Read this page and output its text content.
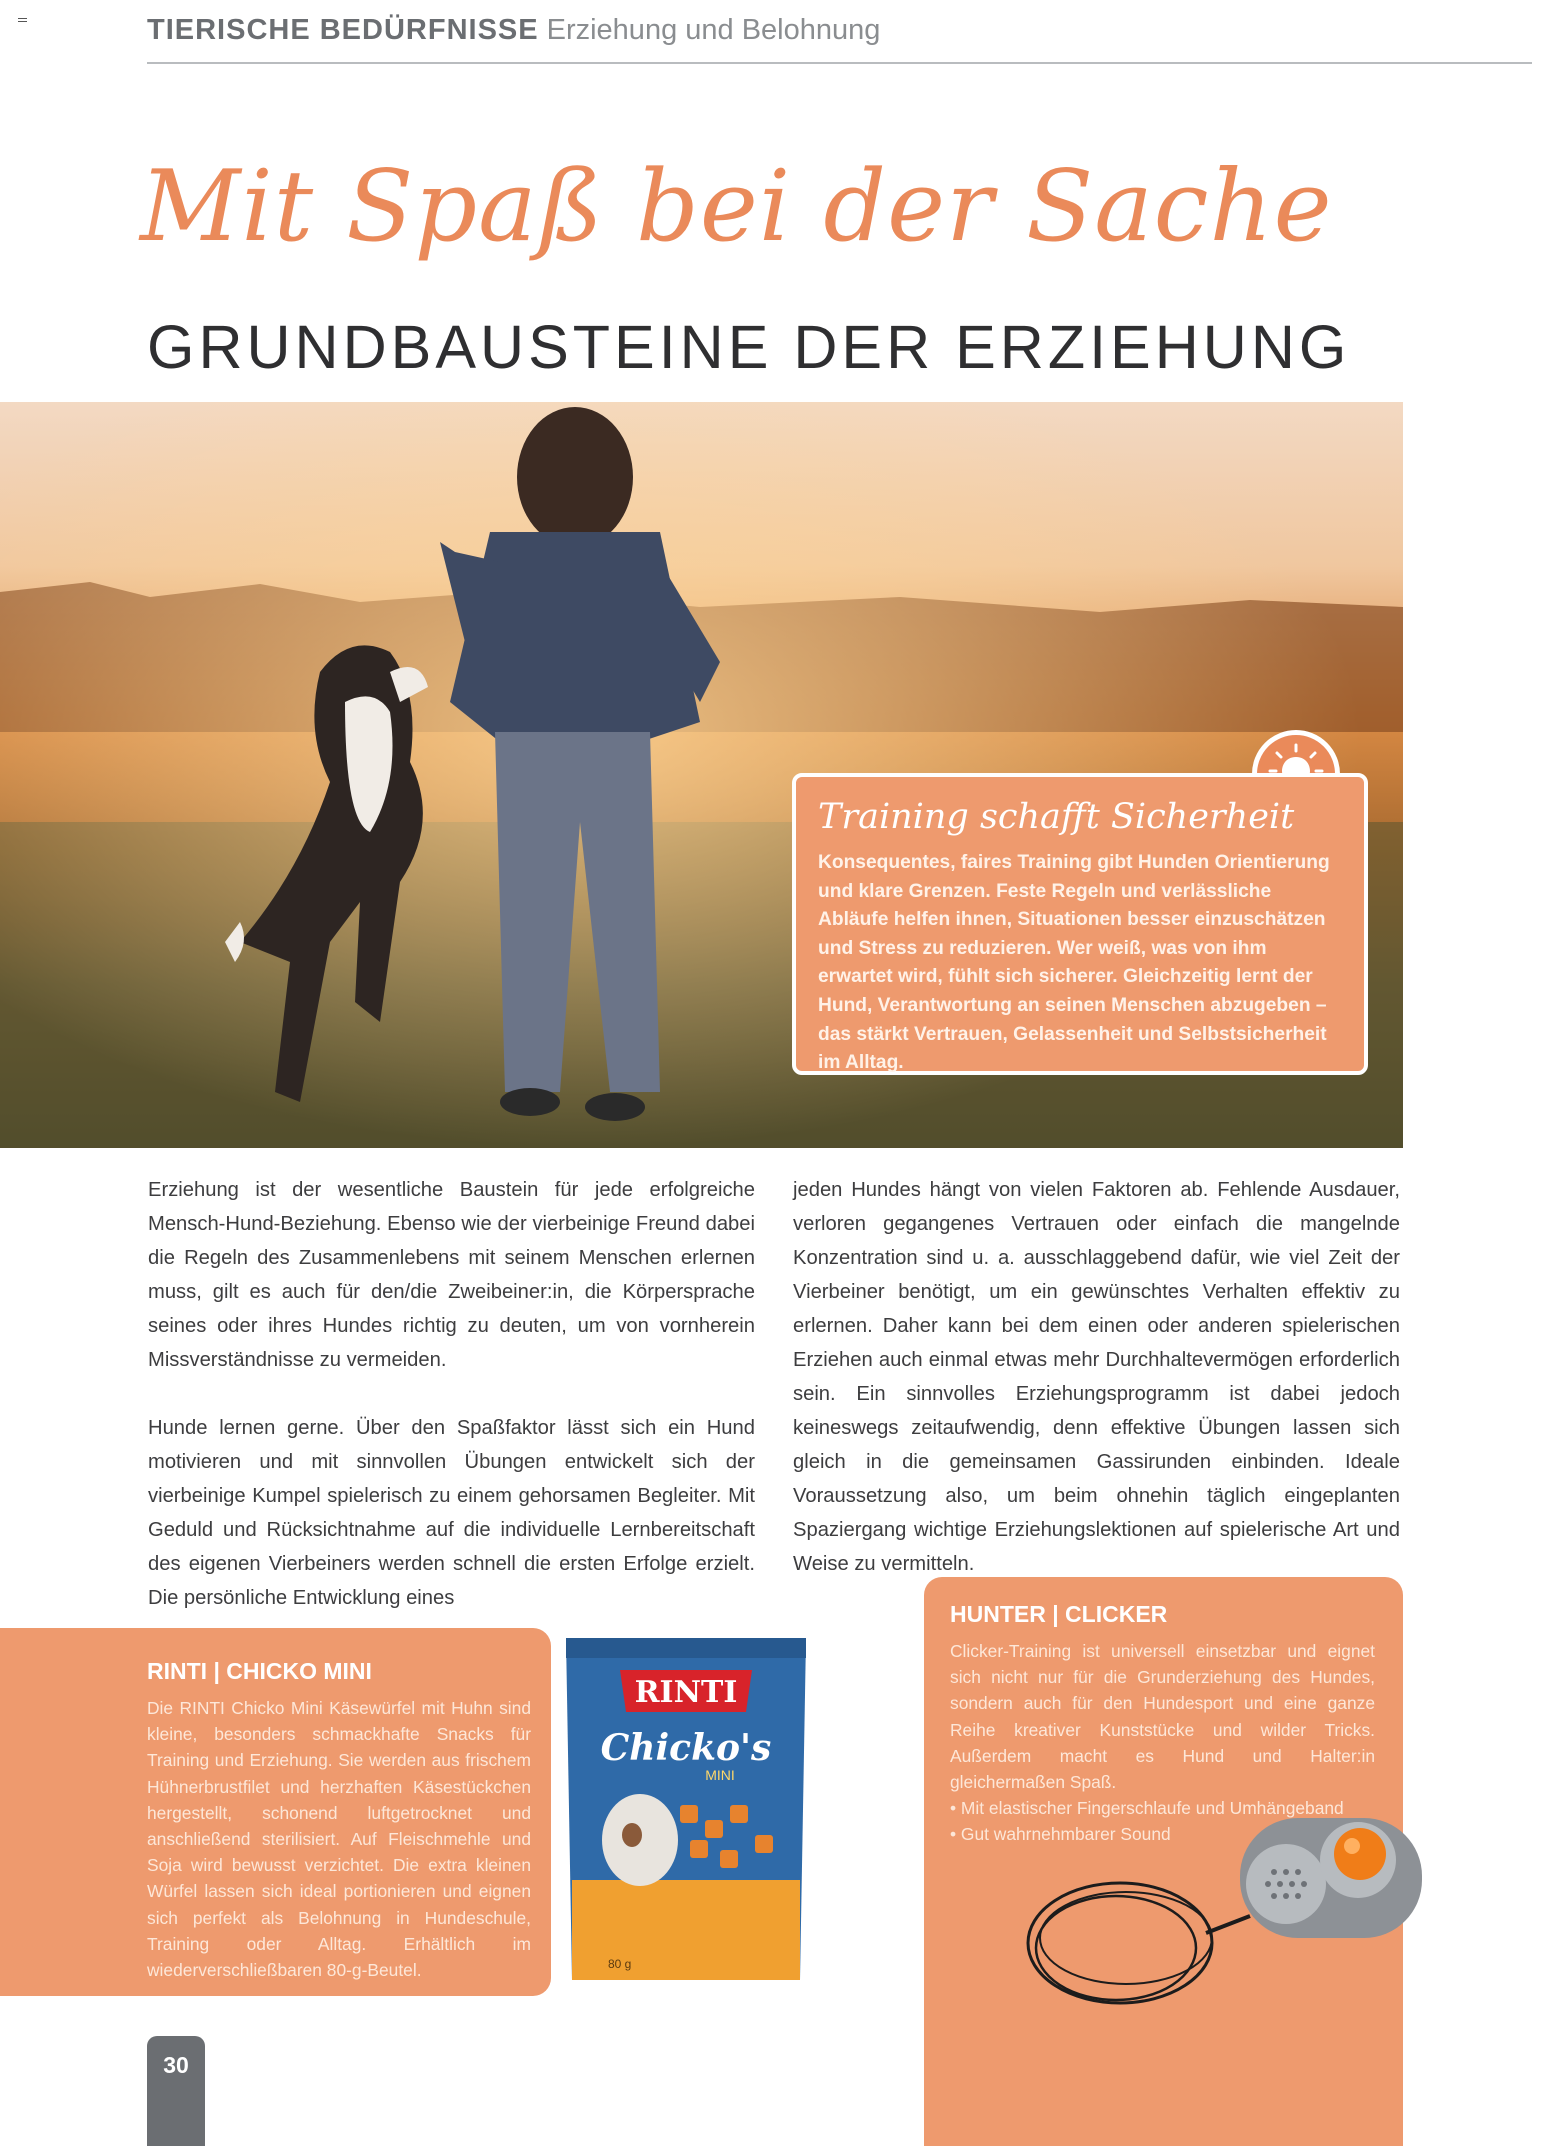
TIERISCHE BEDÜRFNISSE Erziehung und Belohnung
Mit Spaß bei der Sache
GRUNDBAUSTEINE DER ERZIEHUNG
Training schafft Sicherheit
Konsequentes, faires Training gibt Hunden Orientierung und klare Grenzen. Feste Regeln und verlässliche Abläufe helfen ihnen, Situationen besser einzuschätzen und Stress zu reduzieren. Wer weiß, was von ihm erwartet wird, fühlt sich sicherer. Gleichzeitig lernt der Hund, Verantwortung an seinen Menschen abzugeben – das stärkt Vertrauen, Gelassenheit und Selbstsicherheit im Alltag.

Erziehung ist der wesentliche Baustein für jede erfolgreiche Mensch-Hund-Beziehung. Ebenso wie der vierbeinige Freund dabei die Regeln des Zusammenlebens mit seinem Menschen erlernen muss, gilt es auch für den/die Zweibeiner:in, die Körpersprache seines oder ihres Hundes richtig zu deuten, um von vornherein Missverständnisse zu vermeiden.

Hunde lernen gerne. Über den Spaßfaktor lässt sich ein Hund motivieren und mit sinnvollen Übungen entwickelt sich der vierbeinige Kumpel spielerisch zu einem gehorsamen Begleiter. Mit Geduld und Rücksichtnahme auf die individuelle Lernbereitschaft des eigenen Vierbeiners werden schnell die ersten Erfolge erzielt. Die persönliche Entwicklung eines

jeden Hundes hängt von vielen Faktoren ab. Fehlende Ausdauer, verloren gegangenes Vertrauen oder einfach die mangelnde Konzentration sind u. a. ausschlaggebend dafür, wie viel Zeit der Vierbeiner benötigt, um ein gewünschtes Verhalten effektiv zu erlernen. Daher kann bei dem einen oder anderen spielerischen Erziehen auch einmal etwas mehr Durchhaltevermögen erforderlich sein. Ein sinnvolles Erziehungsprogramm ist dabei jedoch keineswegs zeitaufwendig, denn effektive Übungen lassen sich gleich in die gemeinsamen Gassirunden einbinden. Ideale Voraussetzung also, um beim ohnehin täglich eingeplanten Spaziergang wichtige Erziehungslektionen auf spielerische Art und Weise zu vermitteln.

RINTI | CHICKO MINI
Die RINTI Chicko Mini Käsewürfel mit Huhn sind kleine, besonders schmackhafte Snacks für Training und Erziehung. Sie werden aus frischem Hühnerbrustfilet und herzhaften Käsestückchen hergestellt, schonend luftgetrocknet und anschließend sterilisiert. Auf Fleischmehle und Soja wird bewusst verzichtet. Die extra kleinen Würfel lassen sich ideal portionieren und eignen sich perfekt als Belohnung in Hundeschule, Training oder Alltag. Erhältlich im wiederverschließbaren 80-g-Beutel.
RINTI
Chicko's
MINI
80 g
HUNTER | CLICKER
Clicker-Training ist universell einsetzbar und eignet sich nicht nur für die Grunderziehung des Hundes, sondern auch für den Hundesport und eine ganze Reihe kreativer Kunststücke und wilder Tricks. Außerdem macht es Hund und Halter:in gleichermaßen Spaß.
• Mit elastischer Fingerschlaufe und Umhängeband
• Gut wahrnehmbarer Sound
30
